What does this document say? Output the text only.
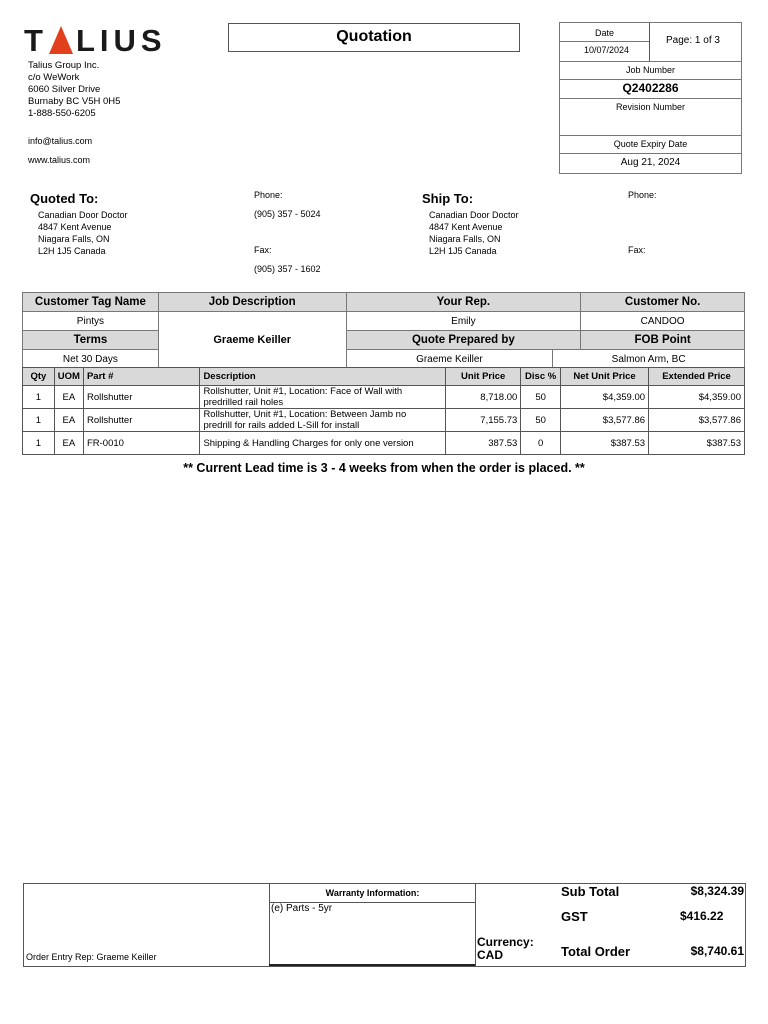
T LIUS
Talius Group Inc.
c/o WeWork
6060 Silver Drive
Burnaby BC V5H 0H5
1-888-550-6205
info@talius.com
www.talius.com
Quotation	Date
10/07/2024
Page: 1 of 3
Job Number
Q2402286
Revision Number
Quote Expiry Date
Aug 21, 2024
Quoted To:
Canadian Door Doctor
4847 Kent Avenue
Niagara Falls, ON
L2H 1J5 Canada
Phone:
(905) 357 - 5024
Fax:
(905) 357 - 1602
Ship To:
Canadian Door Doctor
4847 Kent Avenue
Niagara Falls, ON
L2H 1J5 Canada
Phone:
Fax:
Customer Tag Name	Job Description	Your Rep.		Customer No.
Pintys	Graeme Keiller	Emily		CANDOO
Terms		Quote Prepared by		FOB Point
Net 30 Days		Graeme Keiller	Salmon Arm, BC	
Qty	UOM	Part #	Description	Unit Price	Disc %	Net Unit Price	Extended Price
1	EA	Rollshutter	Rollshutter, Unit #1, Location: Face of Wall with
predrilled rail holes	8,718.00	50	$4,359.00	$4,359.00
1	EA	Rollshutter	Rollshutter, Unit #1, Location: Between Jamb no
predrill for rails added L-Sill for install	7,155.73	50	$3,577.86	$3,577.86
1	EA	FR-0010	Shipping & Handling Charges for only one version	387.53	0	$387.53	$387.53
** Current Lead time is 3 - 4 weeks from when the order is placed. **
Warranty Information:
(e) Parts - 5yr
Order Entry Rep: Graeme Keiller
Currency:
CAD
Sub Total	$8,324.39
GST	$416.22
Total Order	$8,740.61
